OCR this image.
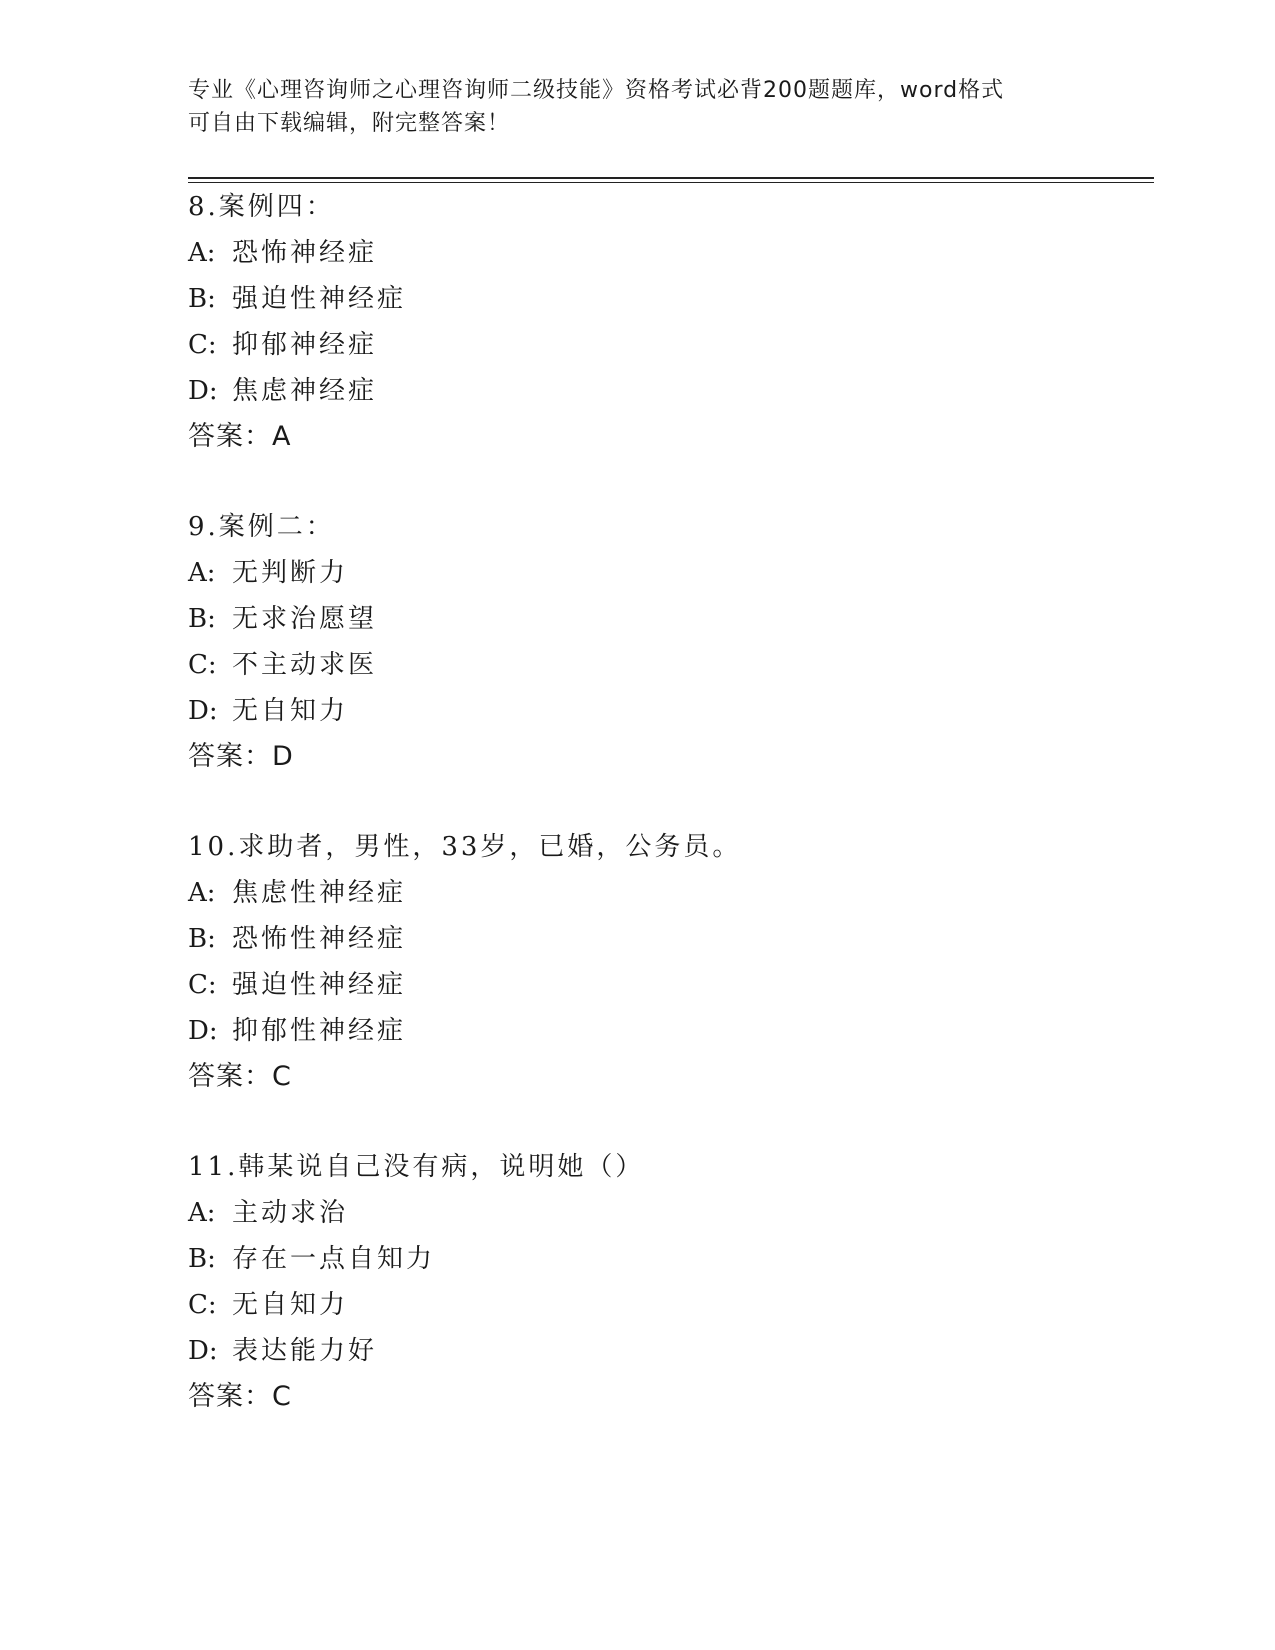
专业《心理咨询师之心理咨询师二级技能》资格考试必背200题题库，word格式
可自由下载编辑，附完整答案！
8.案例四：
A: 恐怖神经症
B: 强迫性神经症
C: 抑郁神经症
D: 焦虑神经症
答案：A
9.案例二：
A: 无判断力
B: 无求治愿望
C: 不主动求医
D: 无自知力
答案：D
10.求助者，男性，33岁，已婚，公务员。
A: 焦虑性神经症
B: 恐怖性神经症
C: 强迫性神经症
D: 抑郁性神经症
答案：C
11.韩某说自己没有病，说明她（）
A: 主动求治
B: 存在一点自知力
C: 无自知力
D: 表达能力好
答案：C
